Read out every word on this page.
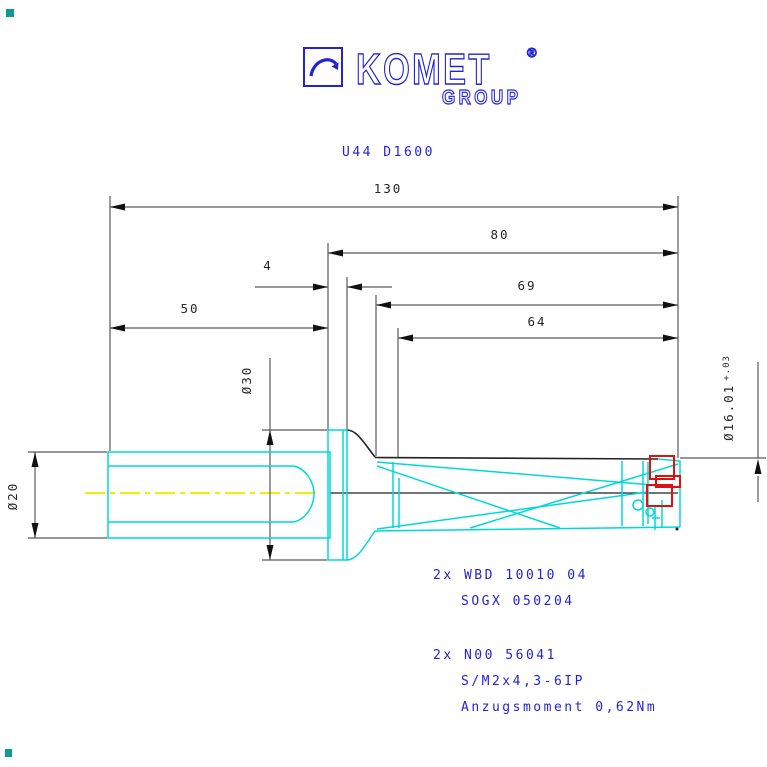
KOMET	®
GROUP
U44 D1600
130
80
4
69
50
64
Ø30
Ø20
Ø16.01
$^{+.03}$
2x WBD 10010 04
SOGX 050204
2x N00 56041
S/M2x4,3-6IP
Anzugsmoment 0,62Nm
